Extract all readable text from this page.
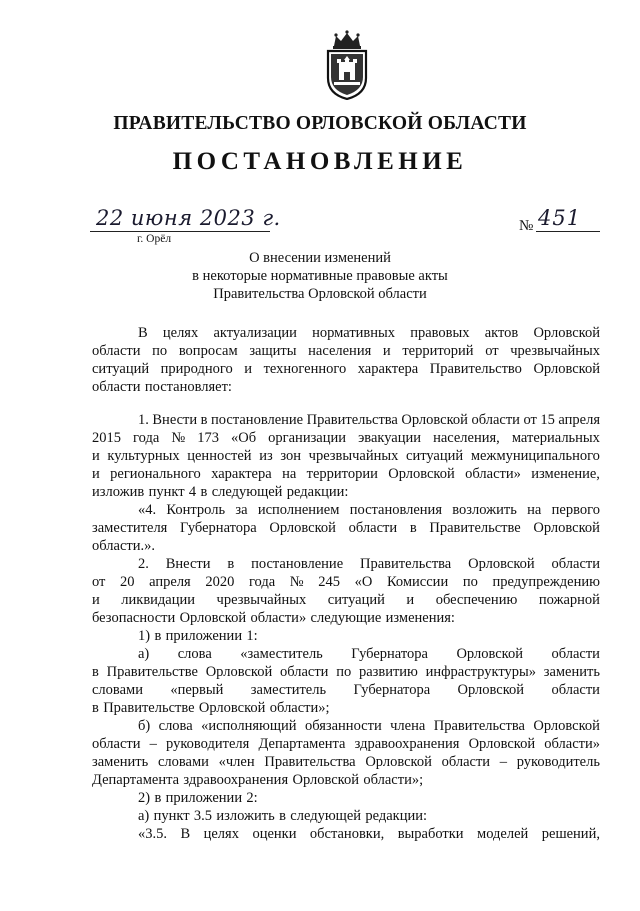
ПРАВИТЕЛЬСТВО ОРЛОВСКОЙ ОБЛАСТИ
ПОСТАНОВЛЕНИЕ
22 июня 2023 г.
г. Орёл
№ 451
О внесении изменений
в некоторые нормативные правовые акты
Правительства Орловской области
В целях актуализации нормативных правовых актов Орловской
области по вопросам защиты населения и территорий от чрезвычайных
ситуаций природного и техногенного характера Правительство Орловской
области постановляет:
1. Внести в постановление Правительства Орловской области от 15 апреля
2015 года № 173 «Об организации эвакуации населения, материальных
и культурных ценностей из зон чрезвычайных ситуаций межмуниципального
и регионального характера на территории Орловской области» изменение,
изложив пункт 4 в следующей редакции:
«4. Контроль за исполнением постановления возложить на первого
заместителя Губернатора Орловской области в Правительстве Орловской
области.».
2. Внести в постановление Правительства Орловской области
от 20 апреля 2020 года № 245 «О Комиссии по предупреждению
и ликвидации чрезвычайных ситуаций и обеспечению пожарной
безопасности Орловской области» следующие изменения:
1) в приложении 1:
а) слова «заместитель Губернатора Орловской области
в Правительстве Орловской области по развитию инфраструктуры» заменить
словами «первый заместитель Губернатора Орловской области
в Правительстве Орловской области»;
б) слова «исполняющий обязанности члена Правительства Орловской
области – руководителя Департамента здравоохранения Орловской области»
заменить словами «член Правительства Орловской области – руководитель
Департамента здравоохранения Орловской области»;
2) в приложении 2:
а) пункт 3.5 изложить в следующей редакции:
«3.5. В целях оценки обстановки, выработки моделей решений,
